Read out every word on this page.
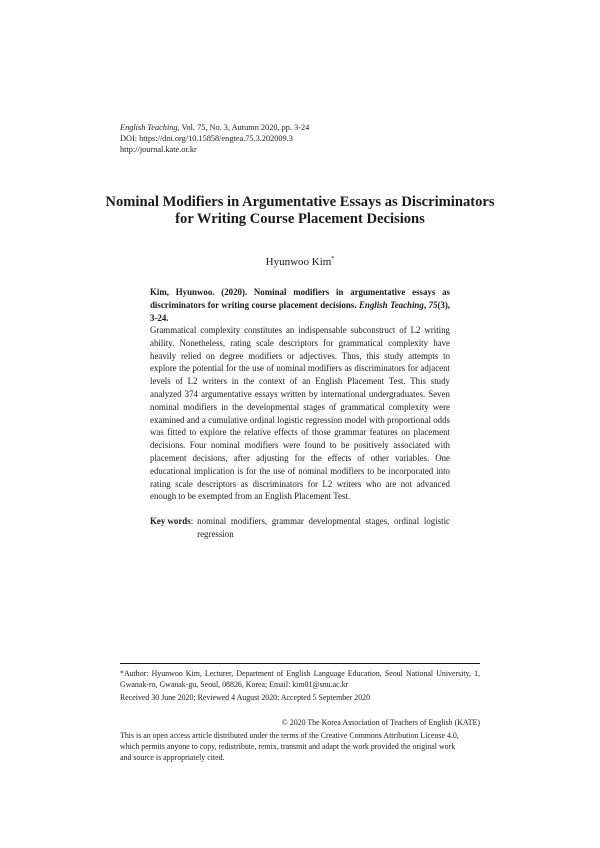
English Teaching, Vol. 75, No. 3, Autumn 2020, pp. 3-24
DOI: https://doi.org/10.15858/engtea.75.3.202009.3
http://journal.kate.or.kr
Nominal Modifiers in Argumentative Essays as Discriminators
for Writing Course Placement Decisions
Hyunwoo Kim*
Kim, Hyunwoo. (2020). Nominal modifiers in argumentative essays as discriminators for writing course placement decisions. English Teaching, 75(3), 3-24.
Grammatical complexity constitutes an indispensable subconstruct of L2 writing ability. Nonetheless, rating scale descriptors for grammatical complexity have heavily relied on degree modifiers or adjectives. Thus, this study attempts to explore the potential for the use of nominal modifiers as discriminators for adjacent levels of L2 writers in the context of an English Placement Test. This study analyzed 374 argumentative essays written by international undergraduates. Seven nominal modifiers in the developmental stages of grammatical complexity were examined and a cumulative ordinal logistic regression model with proportional odds was fitted to explore the relative effects of those grammar features on placement decisions. Four nominal modifiers were found to be positively associated with placement decisions, after adjusting for the effects of other variables. One educational implication is for the use of nominal modifiers to be incorporated into rating scale descriptors as discriminators for L2 writers who are not advanced enough to be exempted from an English Placement Test.
Key words : nominal modifiers, grammar developmental stages, ordinal logistic regression
*Author: Hyunwoo Kim, Lecturer, Department of English Language Education, Seoul National University, 1, Gwanak-ro, Gwanak-gu, Seoul, 08826, Korea; Email: kim01@snu.ac.kr
Received 30 June 2020; Reviewed 4 August 2020; Accepted 5 September 2020
© 2020 The Korea Association of Teachers of English (KATE)
This is an open access article distributed under the terms of the Creative Commons Attribution License 4.0,
which permits anyone to copy, redistribute, remix, transmit and adapt the work provided the original work
and source is appropriately cited.
